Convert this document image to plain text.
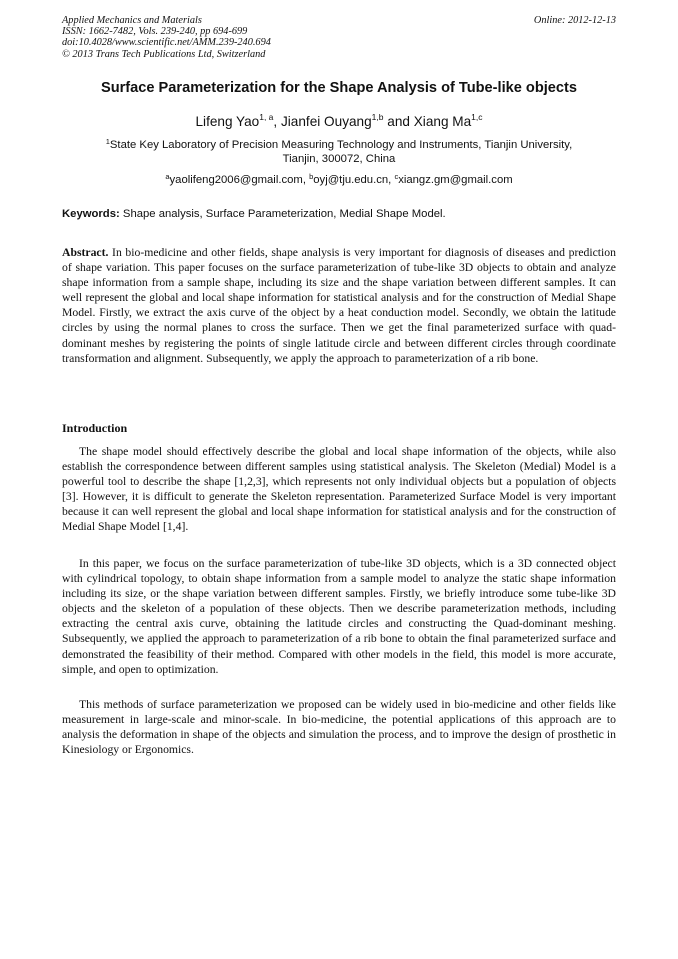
Applied Mechanics and Materials
ISSN: 1662-7482, Vols. 239-240, pp 694-699
doi:10.4028/www.scientific.net/AMM.239-240.694
© 2013 Trans Tech Publications Ltd, Switzerland
Online: 2012-12-13
Surface Parameterization for the Shape Analysis of Tube-like objects
Lifeng Yao$^{1, a}$, Jianfei Ouyang$^{1,b}$ and Xiang Ma$^{1,c}$
$^1$State Key Laboratory of Precision Measuring Technology and Instruments, Tianjin University,
Tianjin, 300072, China
$^a$yaolifeng2006@gmail.com, $^b$oyj@tju.edu.cn, $^c$xiangz.gm@gmail.com
Keywords: Shape analysis, Surface Parameterization, Medial Shape Model.

Abstract. In bio-medicine and other fields, shape analysis is very important for diagnosis of diseases and prediction of shape variation. This paper focuses on the surface parameterization of tube-like 3D objects to obtain and analyze shape information from a sample shape, including its size and the shape variation between different samples. It can well represent the global and local shape information for statistical analysis and for the construction of Medial Shape Model. Firstly, we extract the axis curve of the object by a heat conduction model. Secondly, we obtain the latitude circles by using the normal planes to cross the surface. Then we get the final parameterized surface with quad-dominant meshes by registering the points of single latitude circle and between different circles through coordinate transformation and alignment. Subsequently, we apply the approach to parameterization of a rib bone.

Introduction

The shape model should effectively describe the global and local shape information of the objects, while also establish the correspondence between different samples using statistical analysis. The Skeleton (Medial) Model is a powerful tool to describe the shape [1,2,3], which represents not only individual objects but a population of objects [3]. However, it is difficult to generate the Skeleton representation. Parameterized Surface Model is very important because it can well represent the global and local shape information for statistical analysis and for the construction of Medial Shape Model [1,4].

In this paper, we focus on the surface parameterization of tube-like 3D objects, which is a 3D connected object with cylindrical topology, to obtain shape information from a sample model to analyze the static shape information including its size, or the shape variation between different samples. Firstly, we briefly introduce some tube-like 3D objects and the skeleton of a population of these objects. Then we describe parameterization methods, including extracting the central axis curve, obtaining the latitude circles and constructing the Quad-dominant meshing. Subsequently, we applied the approach to parameterization of a rib bone to obtain the final parameterized surface and demonstrated the feasibility of their method. Compared with other models in the field, this model is more accurate, simple, and open to optimization.

This methods of surface parameterization we proposed can be widely used in bio-medicine and other fields like measurement in large-scale and minor-scale. In bio-medicine, the potential applications of this approach are to analysis the deformation in shape of the objects and simulation the process, and to improve the design of prosthetic in Kinesiology or Ergonomics.
